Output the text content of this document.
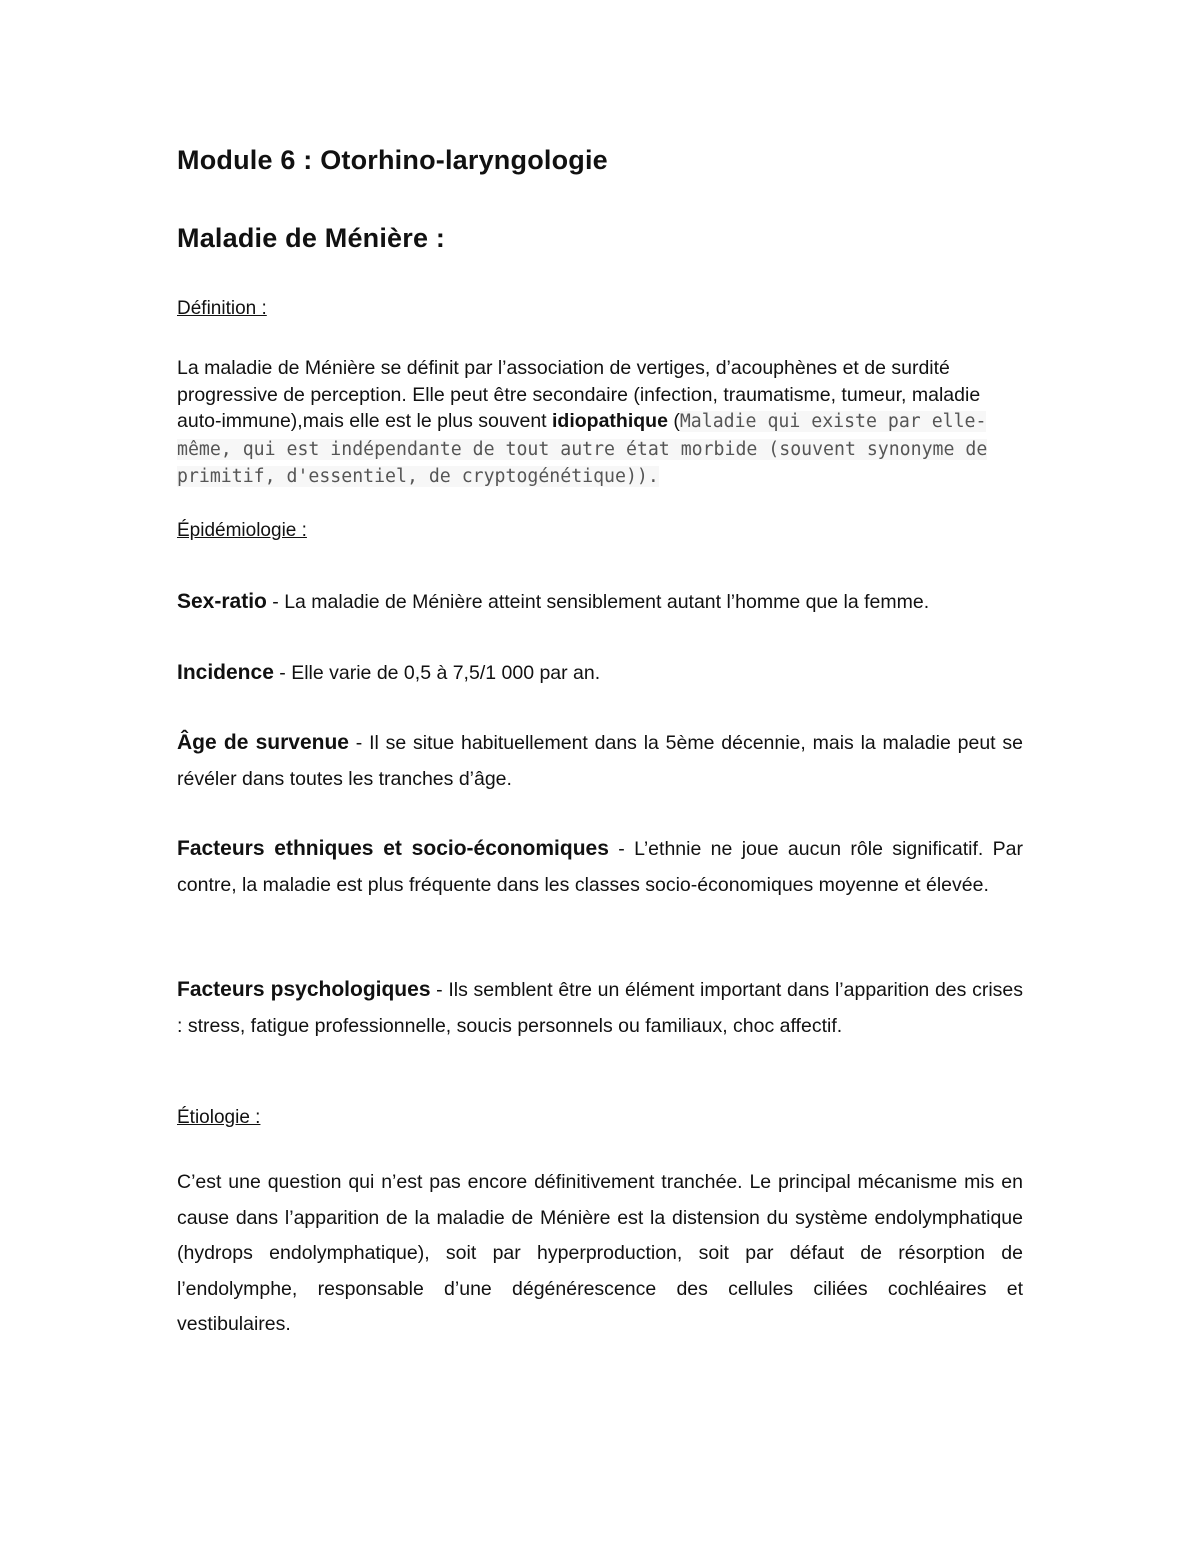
Module 6 : Otorhino-laryngologie
Maladie de Ménière :
Définition :
La maladie de Ménière se définit par l’association de vertiges, d’acouphènes et de surdité progressive de perception. Elle peut être secondaire (infection, traumatisme, tumeur, maladie auto-immune),mais elle est le plus souvent idiopathique (Maladie qui existe par elle-même, qui est indépendante de tout autre état morbide (souvent synonyme de primitif, d'essentiel, de cryptogénétique)).
Épidémiologie :
Sex-ratio - La maladie de Ménière atteint sensiblement autant l’homme que la femme.
Incidence - Elle varie de 0,5 à 7,5/1 000 par an.
Âge de survenue - Il se situe habituellement dans la 5ème décennie, mais la maladie peut se révéler dans toutes les tranches d’âge.
Facteurs ethniques et socio-économiques - L’ethnie ne joue aucun rôle significatif. Par contre, la maladie est plus fréquente dans les classes socio-économiques moyenne et élevée.
Facteurs psychologiques - Ils semblent être un élément important dans l’apparition des crises : stress, fatigue professionnelle, soucis personnels ou familiaux, choc affectif.
Étiologie :
C’est une question qui n’est pas encore définitivement tranchée. Le principal mécanisme mis en cause dans l’apparition de la maladie de Ménière est la distension du système endolymphatique (hydrops endolymphatique), soit par hyperproduction, soit par défaut de résorption de l’endolymphe, responsable d’une dégénérescence des cellules ciliées cochléaires et vestibulaires.
